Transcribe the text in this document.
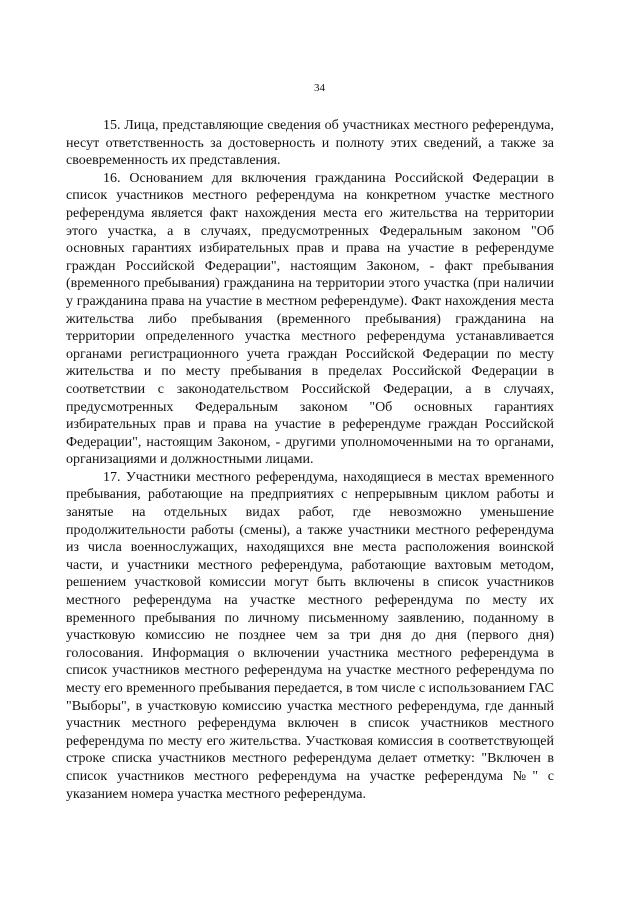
34

15. Лица, представляющие сведения об участниках местного референдума, несут ответственность за достоверность и полноту этих сведений, а также за своевременность их представления.

16. Основанием для включения гражданина Российской Федерации в список участников местного референдума на конкретном участке местного референдума является факт нахождения места его жительства на территории этого участка, а в случаях, предусмотренных Федеральным законом "Об основных гарантиях избирательных прав и права на участие в референдуме граждан Российской Федерации", настоящим Законом, - факт пребывания (временного пребывания) гражданина на территории этого участка (при наличии у гражданина права на участие в местном референдуме). Факт нахождения места жительства либо пребывания (временного пребывания) гражданина на территории определенного участка местного референдума устанавливается органами регистрационного учета граждан Российской Федерации по месту жительства и по месту пребывания в пределах Российской Федерации в соответствии с законодательством Российской Федерации, а в случаях, предусмотренных Федеральным законом "Об основных гарантиях избирательных прав и права на участие в референдуме граждан Российской Федерации", настоящим Законом, - другими уполномоченными на то органами, организациями и должностными лицами.

17. Участники местного референдума, находящиеся в местах временного пребывания, работающие на предприятиях с непрерывным циклом работы и занятые на отдельных видах работ, где невозможно уменьшение продолжительности работы (смены), а также участники местного референдума из числа военнослужащих, находящихся вне места расположения воинской части, и участники местного референдума, работающие вахтовым методом, решением участковой комиссии могут быть включены в список участников местного референдума на участке местного референдума по месту их временного пребывания по личному письменному заявлению, поданному в участковую комиссию не позднее чем за три дня до дня (первого дня) голосования. Информация о включении участника местного референдума в список участников местного референдума на участке местного референдума по месту его временного пребывания передается, в том числе с использованием ГАС "Выборы", в участковую комиссию участка местного референдума, где данный участник местного референдума включен в список участников местного референдума по месту его жительства. Участковая комиссия в соответствующей строке списка участников местного референдума делает отметку: "Включен в список участников местного референдума на участке референдума №" с указанием номера участка местного референдума.
